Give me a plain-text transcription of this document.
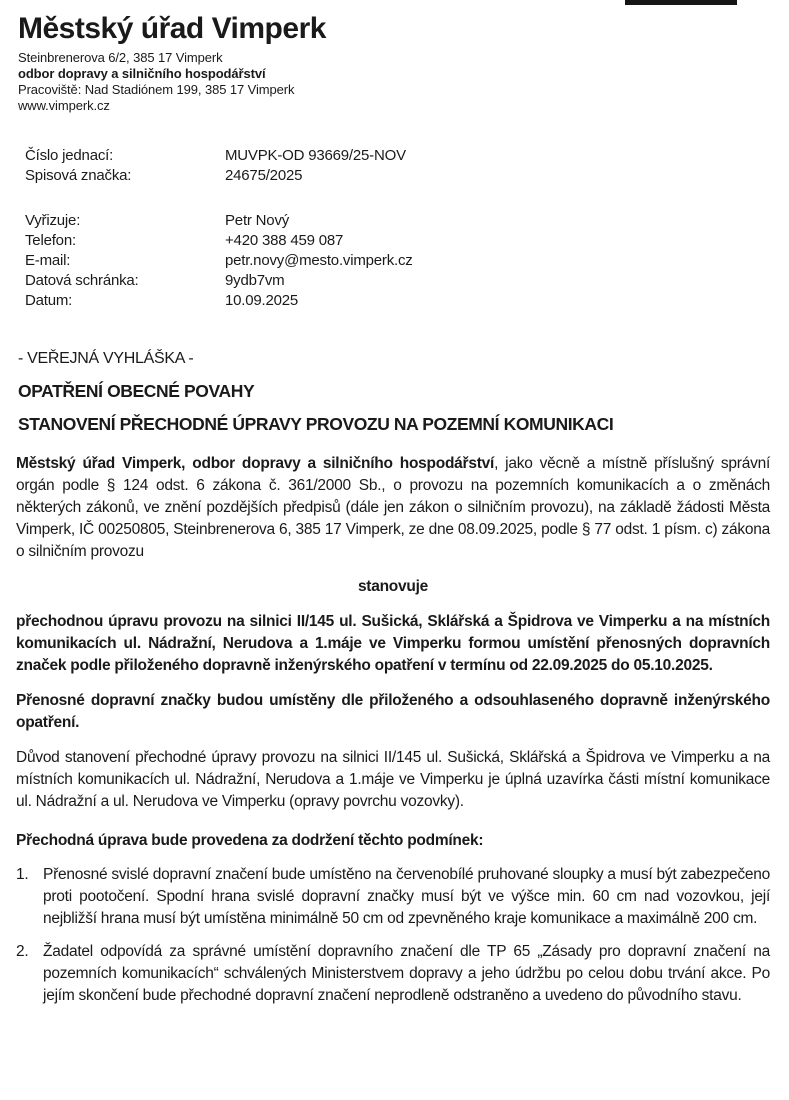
Městský úřad Vimperk
Steinbrenerova 6/2, 385 17 Vimperk
odbor dopravy a silničního hospodářství
Pracoviště: Nad Stadiónem 199, 385 17 Vimperk
www.vimperk.cz
Číslo jednací:	MUVPK-OD 93669/25-NOV
Spisová značka:	24675/2025
Vyřizuje:	Petr Nový
Telefon:	+420 388 459 087
E-mail:	petr.novy@mesto.vimperk.cz
Datová schránka:	9ydb7vm
Datum:	10.09.2025
- VEŘEJNÁ VYHLÁŠKA -
OPATŘENÍ OBECNÉ POVAHY
STANOVENÍ PŘECHODNÉ ÚPRAVY PROVOZU NA POZEMNÍ KOMUNIKACI

Městský úřad Vimperk, odbor dopravy a silničního hospodářství, jako věcně a místně příslušný správní orgán podle § 124 odst. 6 zákona č. 361/2000 Sb., o provozu na pozemních komunikacích a o změnách některých zákonů, ve znění pozdějších předpisů (dále jen zákon o silničním provozu), na základě žádosti Města Vimperk, IČ 00250805, Steinbrenerova 6, 385 17 Vimperk, ze dne 08.09.2025, podle § 77 odst. 1 písm. c) zákona o silničním provozu

stanovuje

přechodnou úpravu provozu na silnici II/145 ul. Sušická, Sklářská a Špidrova ve Vimperku a na místních komunikacích ul. Nádražní, Nerudova a 1.máje ve Vimperku formou umístění přenosných dopravních značek podle přiloženého dopravně inženýrského opatření v termínu od 22.09.2025 do 05.10.2025.

Přenosné dopravní značky budou umístěny dle přiloženého a odsouhlaseného dopravně inženýrského opatření.

Důvod stanovení přechodné úpravy provozu na silnici II/145 ul. Sušická, Sklářská a Špidrova ve Vimperku a na místních komunikacích ul. Nádražní, Nerudova a 1.máje ve Vimperku je úplná uzavírka části místní komunikace ul. Nádražní a ul. Nerudova ve Vimperku (opravy povrchu vozovky).

Přechodná úprava bude provedena za dodržení těchto podmínek:

1. Přenosné svislé dopravní značení bude umístěno na červenobílé pruhované sloupky a musí být zabezpečeno proti pootočení. Spodní hrana svislé dopravní značky musí být ve výšce min. 60 cm nad vozovkou, její nejbližší hrana musí být umístěna minimálně 50 cm od zpevněného kraje komunikace a maximálně 200 cm.
2. Žadatel odpovídá za správné umístění dopravního značení dle TP 65 „Zásady pro dopravní značení na pozemních komunikacích“ schválených Ministerstvem dopravy a jeho údržbu po celou dobu trvání akce. Po jejím skončení bude přechodné dopravní značení neprodleně odstraněno a uvedeno do původního stavu.
